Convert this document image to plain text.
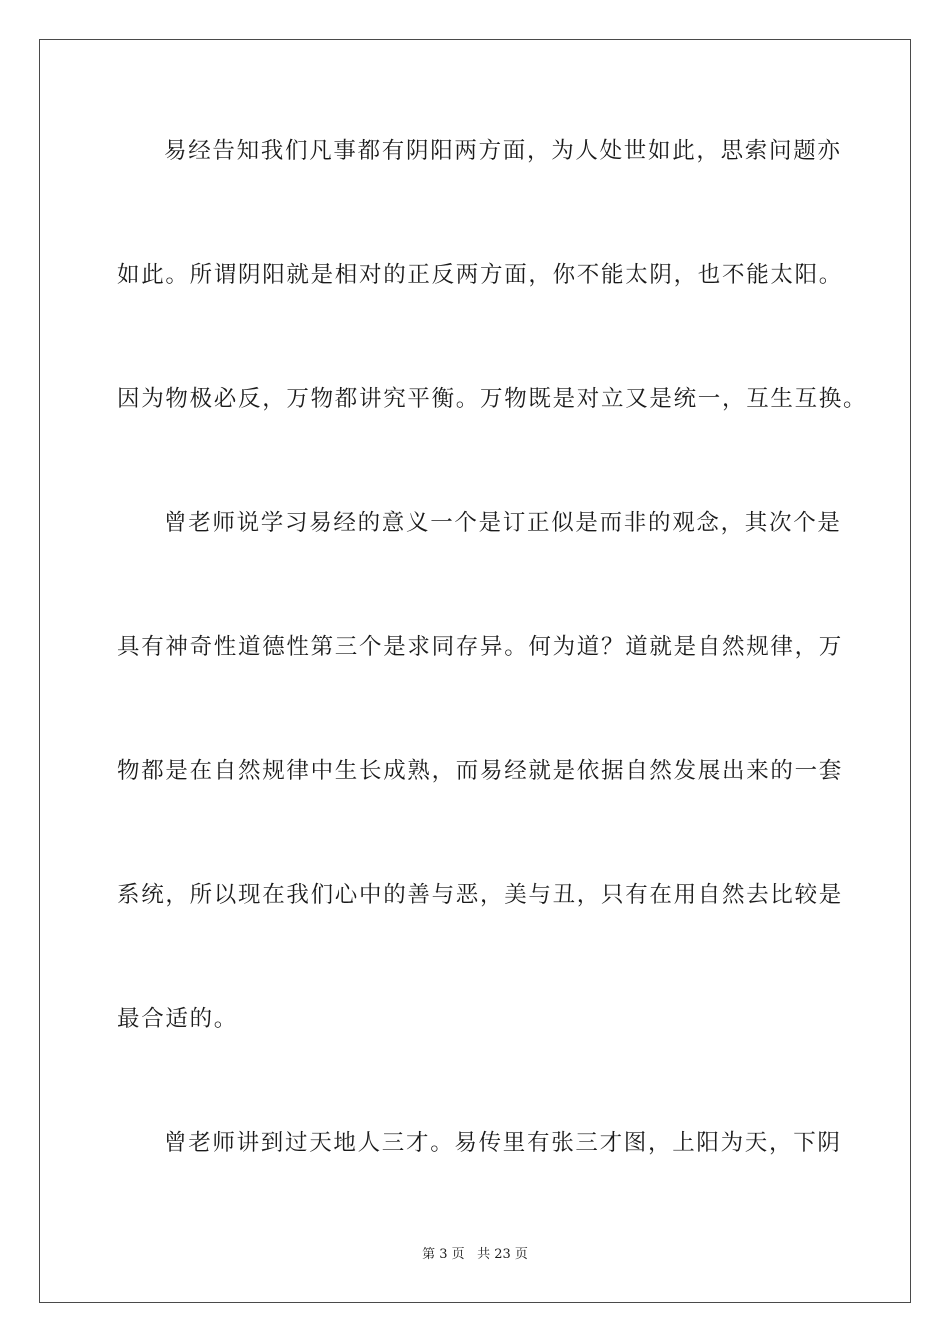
易经告知我们凡事都有阴阳两方面，为人处世如此，思索问题亦
如此。所谓阴阳就是相对的正反两方面，你不能太阴，也不能太阳。
因为物极必反，万物都讲究平衡。万物既是对立又是统一，互生互换。
曾老师说学习易经的意义一个是订正似是而非的观念，其次个是
具有神奇性道德性第三个是求同存异。何为道？道就是自然规律，万
物都是在自然规律中生长成熟，而易经就是依据自然发展出来的一套
系统，所以现在我们心中的善与恶，美与丑，只有在用自然去比较是
最合适的。
曾老师讲到过天地人三才。易传里有张三才图，上阳为天，下阴
第 3 页 共 23 页
